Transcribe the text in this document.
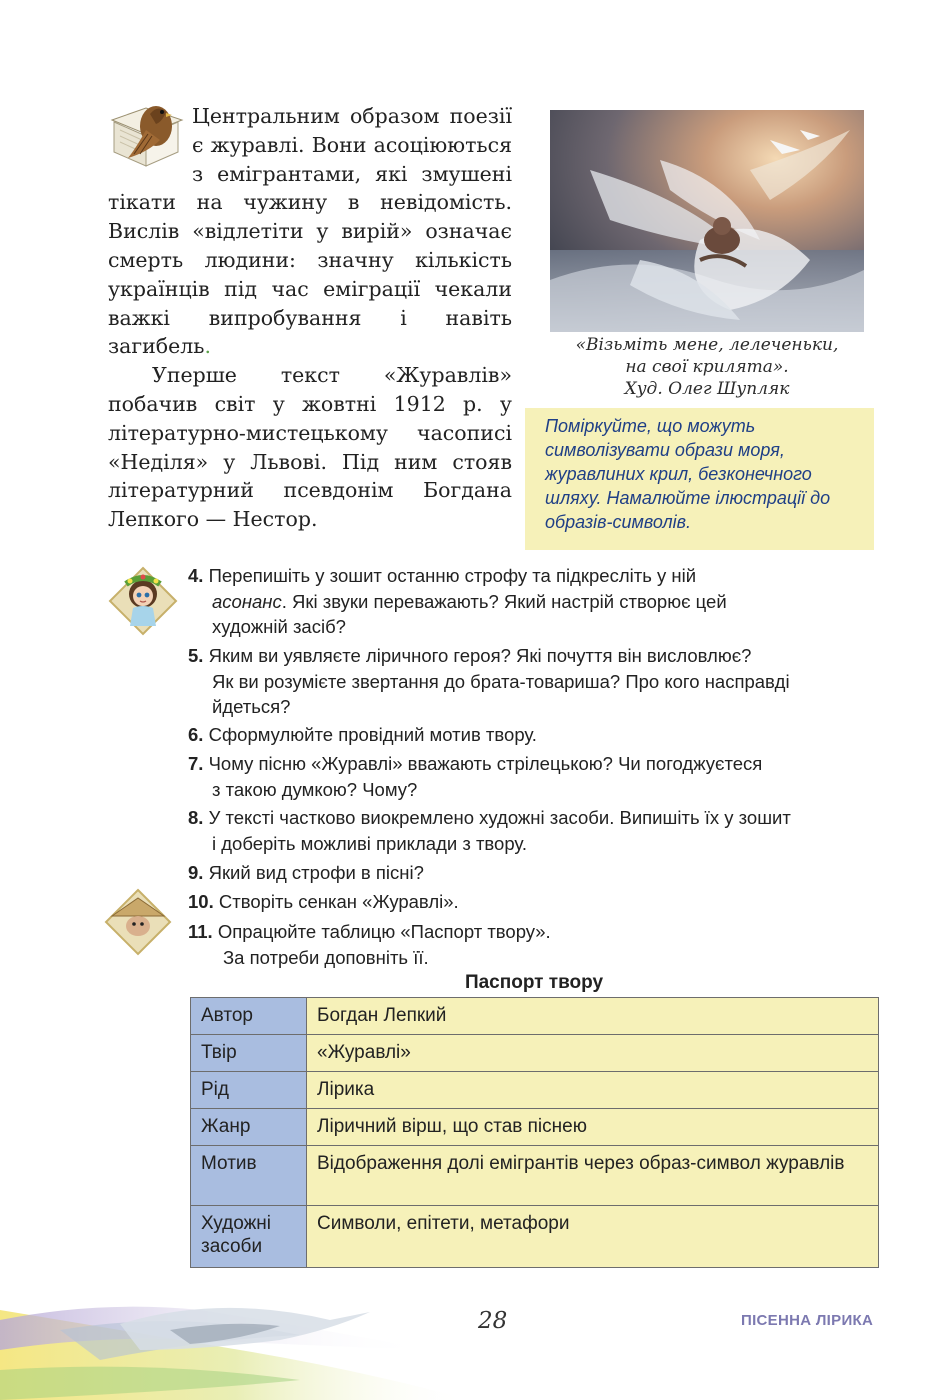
Центральним образом поезії є журавлі. Вони асоціюються з емігрантами, які змушені тікати на чужину в невідомість. Вислів «відлетіти у вирій» означає смерть людини: значну кількість українців під час еміграції чекали важкі випробування і навіть загибель.

Уперше текст «Журавлів» побачив світ у жовтні 1912 р. у літературно-мистецькому часописі «Неділя» у Львові. Під ним стояв літературний псевдонім Богдана Лепкого — Нестор.

«Візьміть мене, лелеченьки,
на свої крилята».
Худ. Олег Шупляк
Поміркуйте, що можуть символізувати образи моря, журавлиних крил, безконечного шляху. Намалюйте ілюстрації до образів-символів.
4. Перепишіть у зошит останню строфу та підкресліть у ній
асонанс. Які звуки переважають? Який настрій створює цей
художній засіб?
5. Яким ви уявляєте ліричного героя? Які почуття він висловлює?
Як ви розумієте звертання до брата-товариша? Про кого насправді
йдеться?
6. Сформулюйте провідний мотив твору.
7. Чому пісню «Журавлі» вважають стрілецькою? Чи погоджуєтеся
з такою думкою? Чому?
8. У тексті частково виокремлено художні засоби. Випишіть їх у зошит
і доберіть можливі приклади з твору.
9. Який вид строфи в пісні?
10. Створіть сенкан «Журавлі».
11. Опрацюйте таблицю «Паспорт твору».
За потреби доповніть її.
Паспорт твору
Автор	Богдан Лепкий
Твір	«Журавлі»
Рід	Лірика
Жанр	Ліричний вірш, що став піснею
Мотив	Відображення долі емігрантів через образ-символ журавлів
Художні засоби	Символи, епітети, метафори
28	ПІСЕННА ЛІРИКА
